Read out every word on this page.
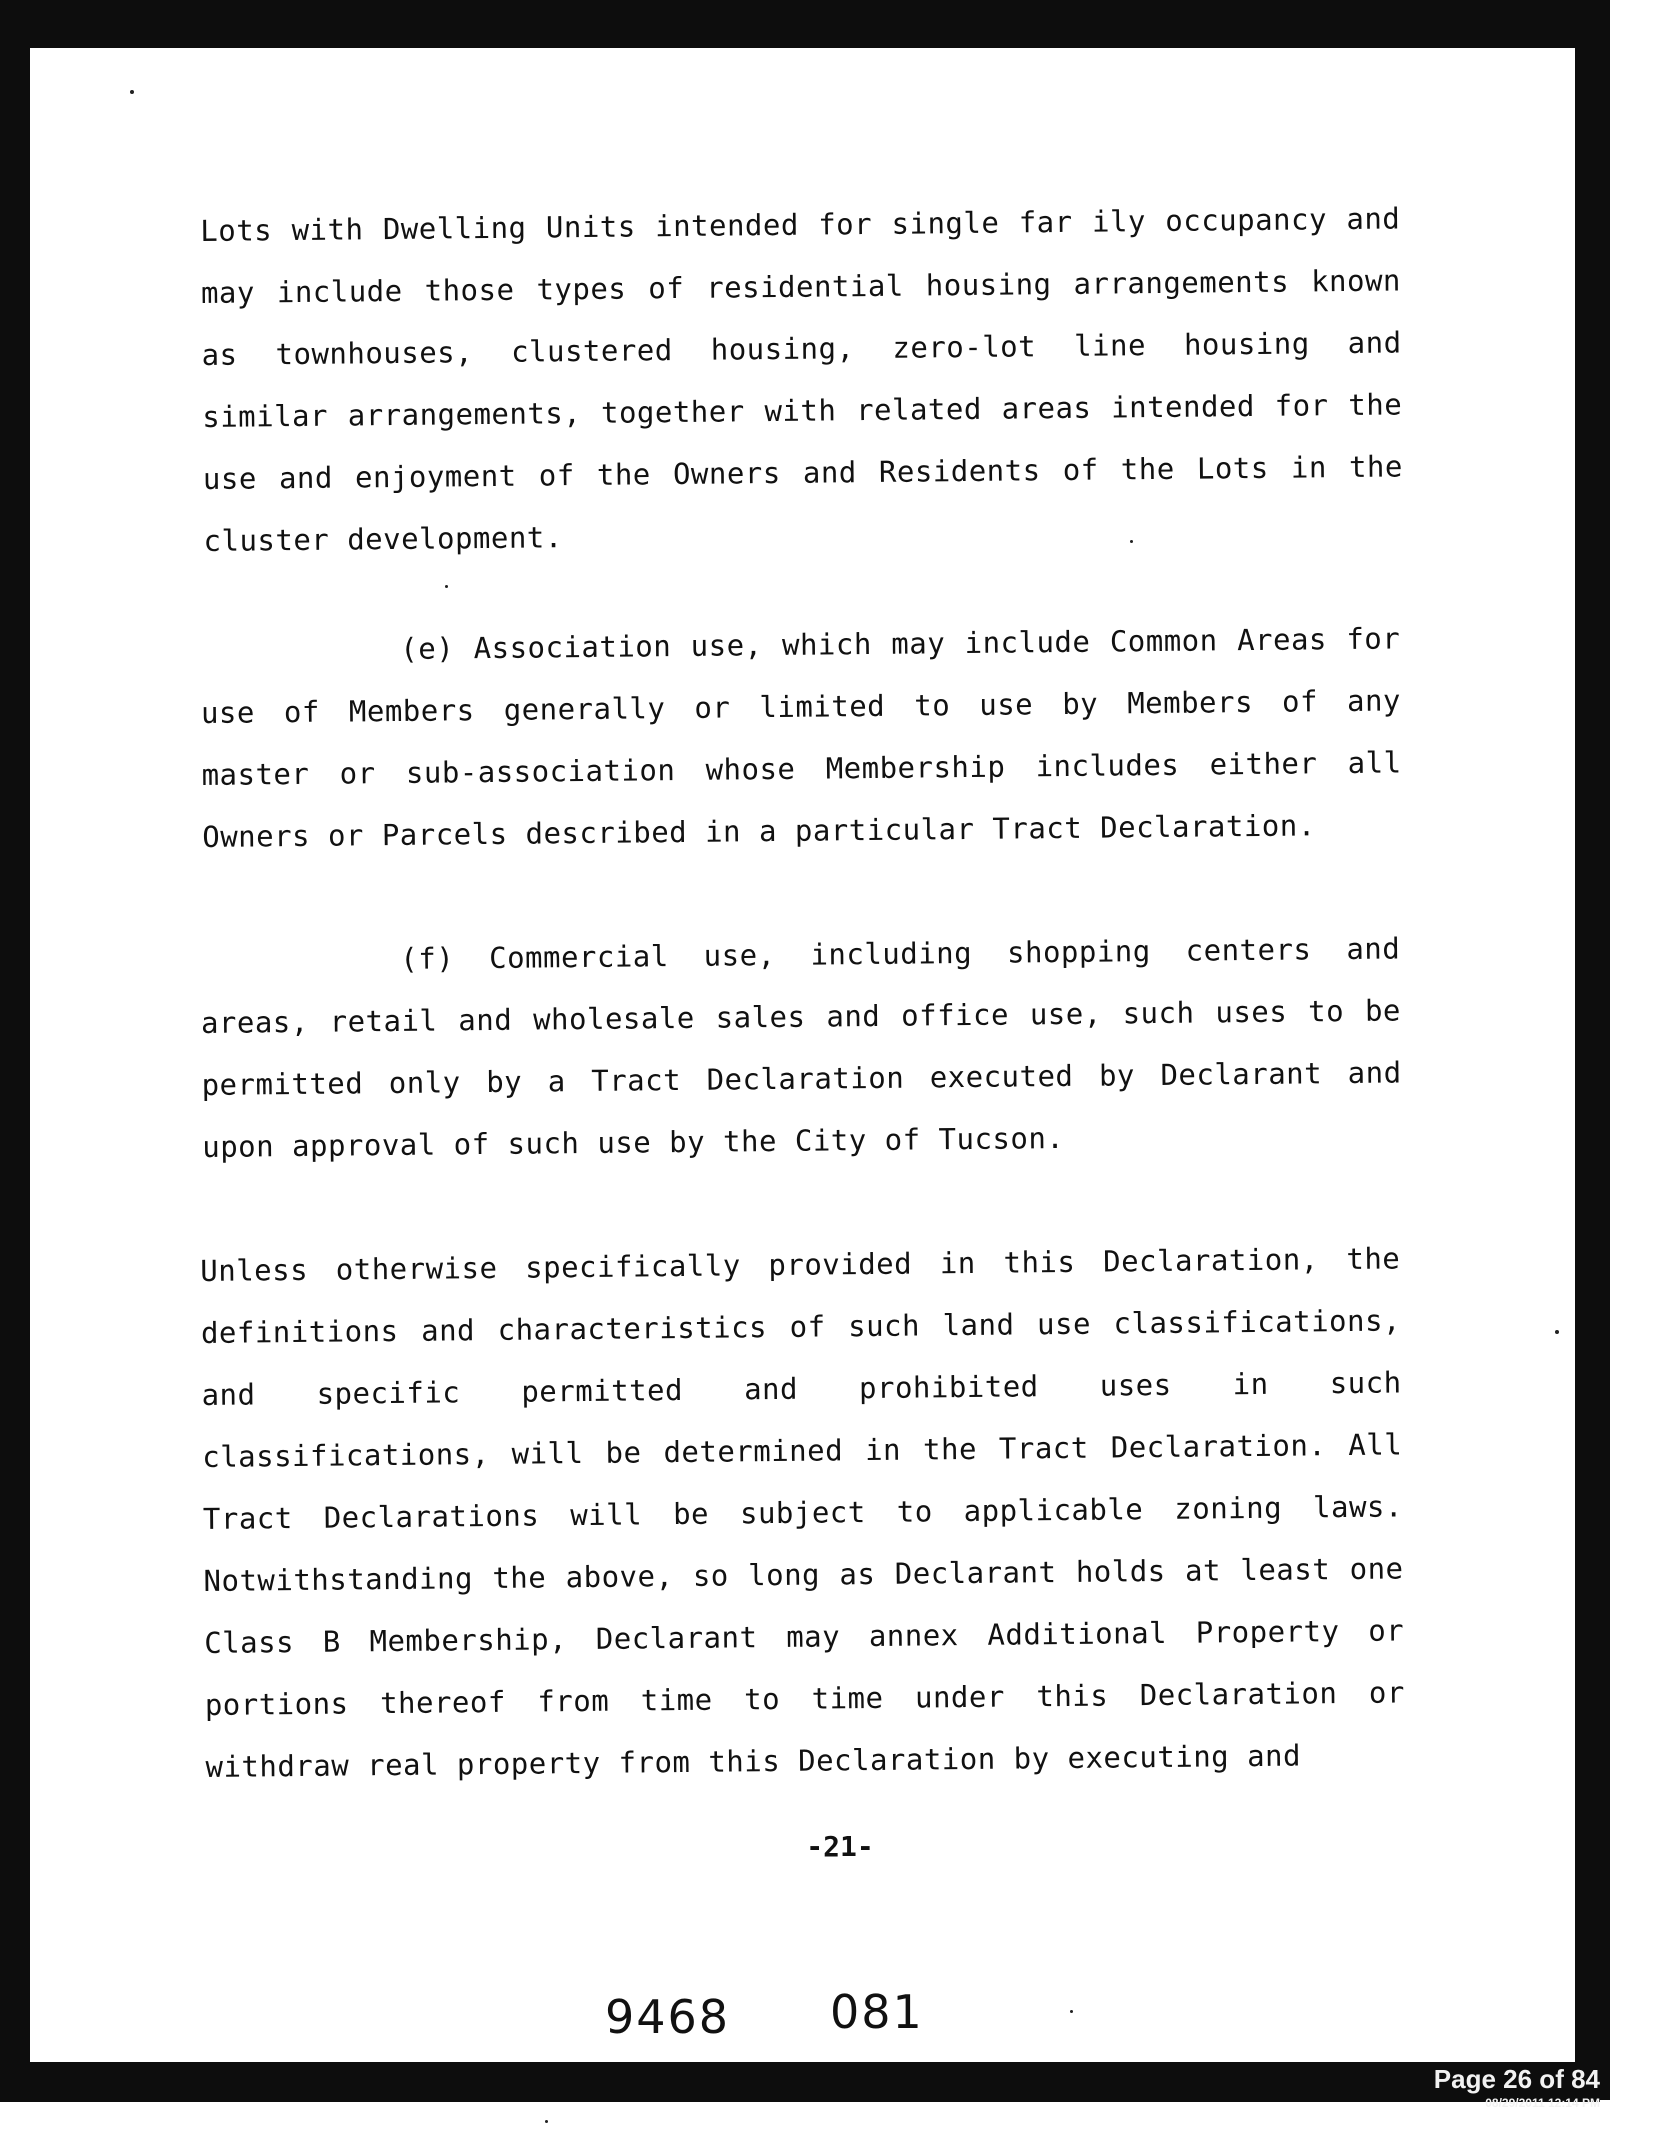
Lots with Dwelling Units intended for single far ily occupancy and may include those types of residential housing arrangements known as townhouses, clustered housing, zero-lot line housing and similar arrangements, together with related areas intended for the use and enjoyment of the Owners and Residents of the Lots in the cluster development.
(e) Association use, which may include Common Areas for use of Members generally or limited to use by Members of any master or sub-association whose Membership includes either all Owners or Parcels described in a particular Tract Declaration.
(f) Commercial use, including shopping centers and areas, retail and wholesale sales and office use, such uses to be permitted only by a Tract Declaration executed by Declarant and upon approval of such use by the City of Tucson.
Unless otherwise specifically provided in this Declaration, the definitions and characteristics of such land use classifications, and specific permitted and prohibited uses in such classifications, will be determined in the Tract Declaration. All Tract Declarations will be subject to applicable zoning laws. Notwithstanding the above, so long as Declarant holds at least one Class B Membership, Declarant may annex Additional Property or portions thereof from time to time under this Declaration or withdraw real property from this Declaration by executing and
-21-
9468 081
Page 26 of 84
08/29/2011 12:14 PM
